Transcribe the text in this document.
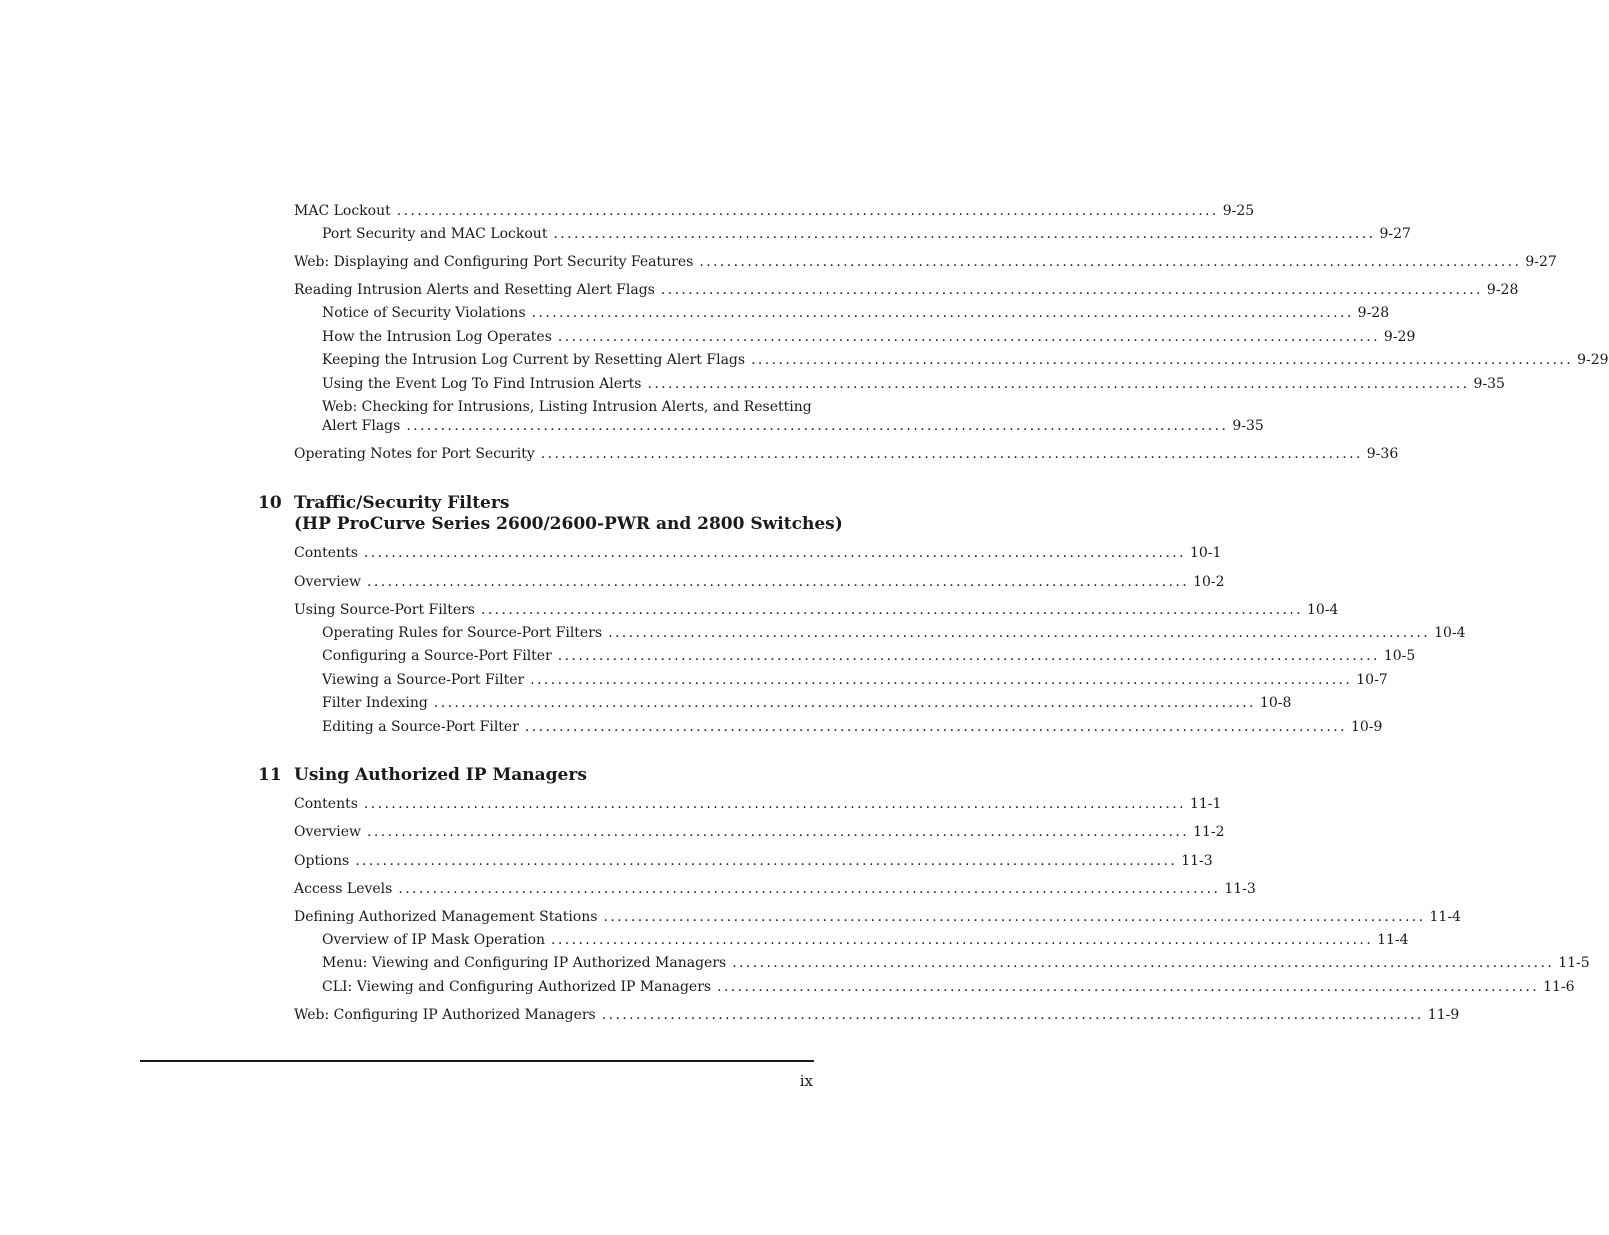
MAC Lockout ........................................................................................................................ 9-25
Port Security and MAC Lockout ........................................................................................................................ 9-27
Web: Displaying and Configuring Port Security Features ........................................................................................................................ 9-27
Reading Intrusion Alerts and Resetting Alert Flags ........................................................................................................................ 9-28
Notice of Security Violations ........................................................................................................................ 9-28
How the Intrusion Log Operates ........................................................................................................................ 9-29
Keeping the Intrusion Log Current by Resetting Alert Flags ........................................................................................................................ 9-29
Using the Event Log To Find Intrusion Alerts ........................................................................................................................ 9-35
Web: Checking for Intrusions, Listing Intrusion Alerts, and Resetting
Alert Flags ........................................................................................................................ 9-35
Operating Notes for Port Security ........................................................................................................................ 9-36
10 Traffic/Security Filters
(HP ProCurve Series 2600/2600-PWR and 2800 Switches)
Contents ........................................................................................................................ 10-1
Overview ........................................................................................................................ 10-2
Using Source-Port Filters ........................................................................................................................ 10-4
Operating Rules for Source-Port Filters ........................................................................................................................ 10-4
Configuring a Source-Port Filter ........................................................................................................................ 10-5
Viewing a Source-Port Filter ........................................................................................................................ 10-7
Filter Indexing ........................................................................................................................ 10-8
Editing a Source-Port Filter ........................................................................................................................ 10-9
11 Using Authorized IP Managers
Contents ........................................................................................................................ 11-1
Overview ........................................................................................................................ 11-2
Options ........................................................................................................................ 11-3
Access Levels ........................................................................................................................ 11-3
Defining Authorized Management Stations ........................................................................................................................ 11-4
Overview of IP Mask Operation ........................................................................................................................ 11-4
Menu: Viewing and Configuring IP Authorized Managers ........................................................................................................................ 11-5
CLI: Viewing and Configuring Authorized IP Managers ........................................................................................................................ 11-6
Web: Configuring IP Authorized Managers ........................................................................................................................ 11-9
ix
